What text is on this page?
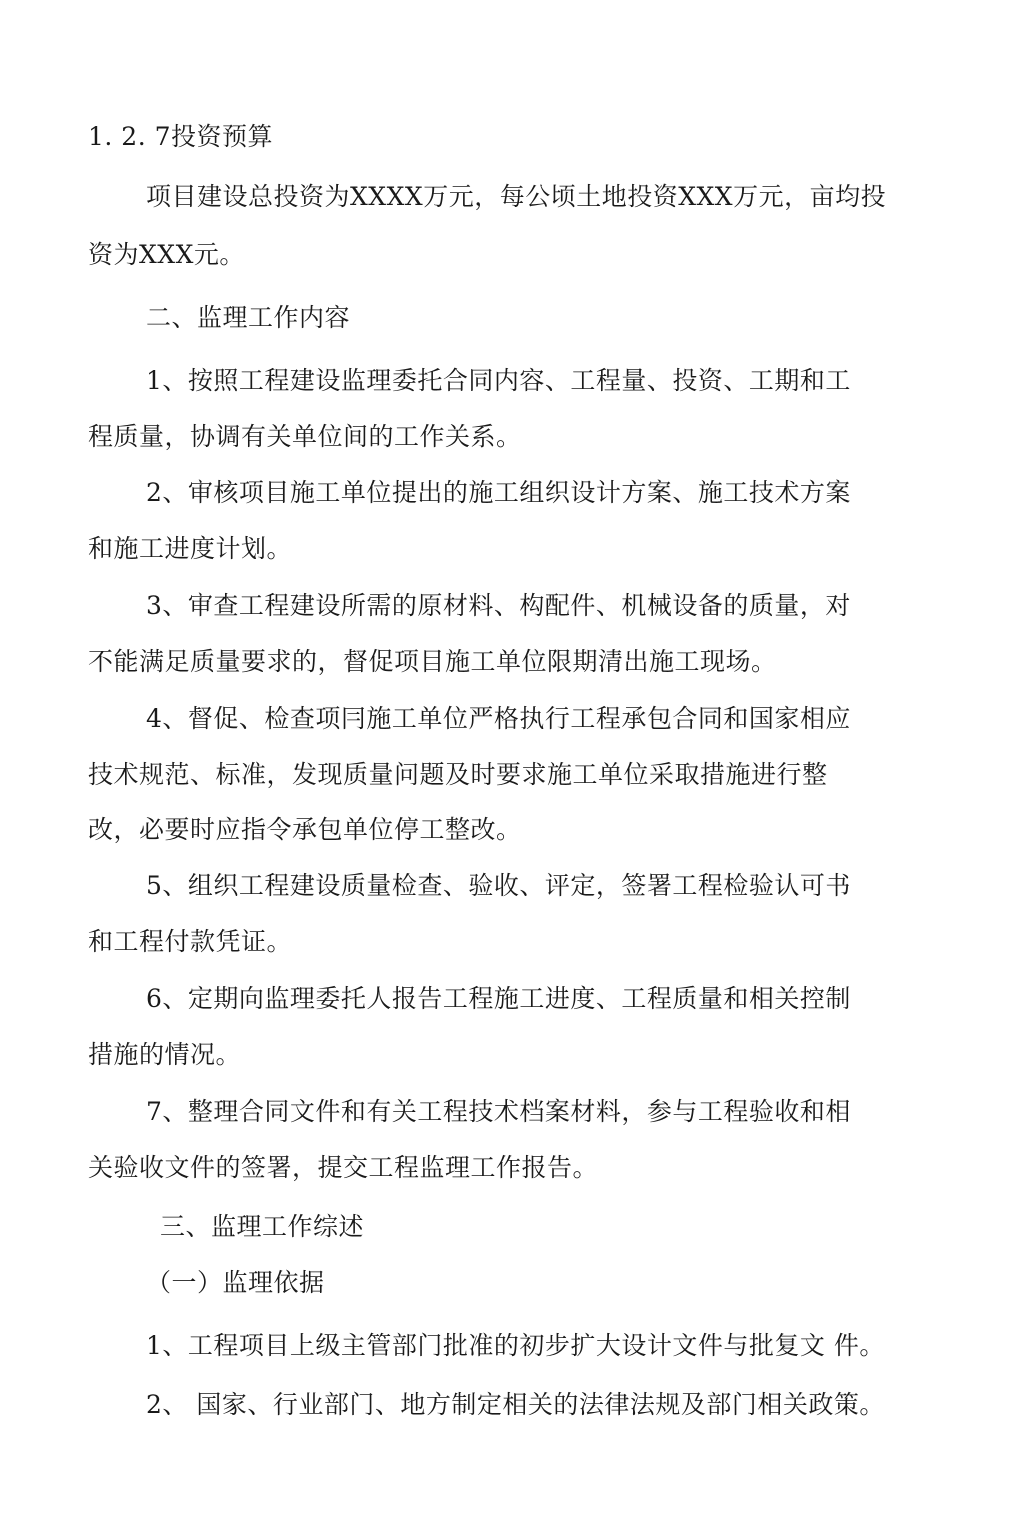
1. 2. 7投资预算
项目建设总投资为XXXX万元，每公顷土地投资XXX万元，亩均投
资为XXX元。
二、监理工作内容
1、按照工程建设监理委托合同内容、工程量、投资、工期和工
程质量，协调有关单位间的工作关系。
2、审核项目施工单位提出的施工组织设计方案、施工技术方案
和施工进度计划。
3、审查工程建设所需的原材料、构配件、机械设备的质量，对
不能满足质量要求的，督促项目施工单位限期清出施工现场。
4、督促、检查项冃施工单位严格执行工程承包合同和国家相应
技术规范、标准，发现质量问题及时要求施工单位采取措施进行整
改，必要时应指令承包单位停工整改。
5、组织工程建设质量检查、验收、评定，签署工程检验认可书
和工程付款凭证。
6、定期向监理委托人报告工程施工进度、工程质量和相关控制
措施的情况。
7、整理合同文件和有关工程技术档案材料，参与工程验收和相
关验收文件的签署，提交工程监理工作报告。
三、监理工作综述
（一）监理依据
1、工程项目上级主管部门批准的初步扩大设计文件与批复文 件。
2、 国家、行业部门、地方制定相关的法律法规及部门相关政策。
